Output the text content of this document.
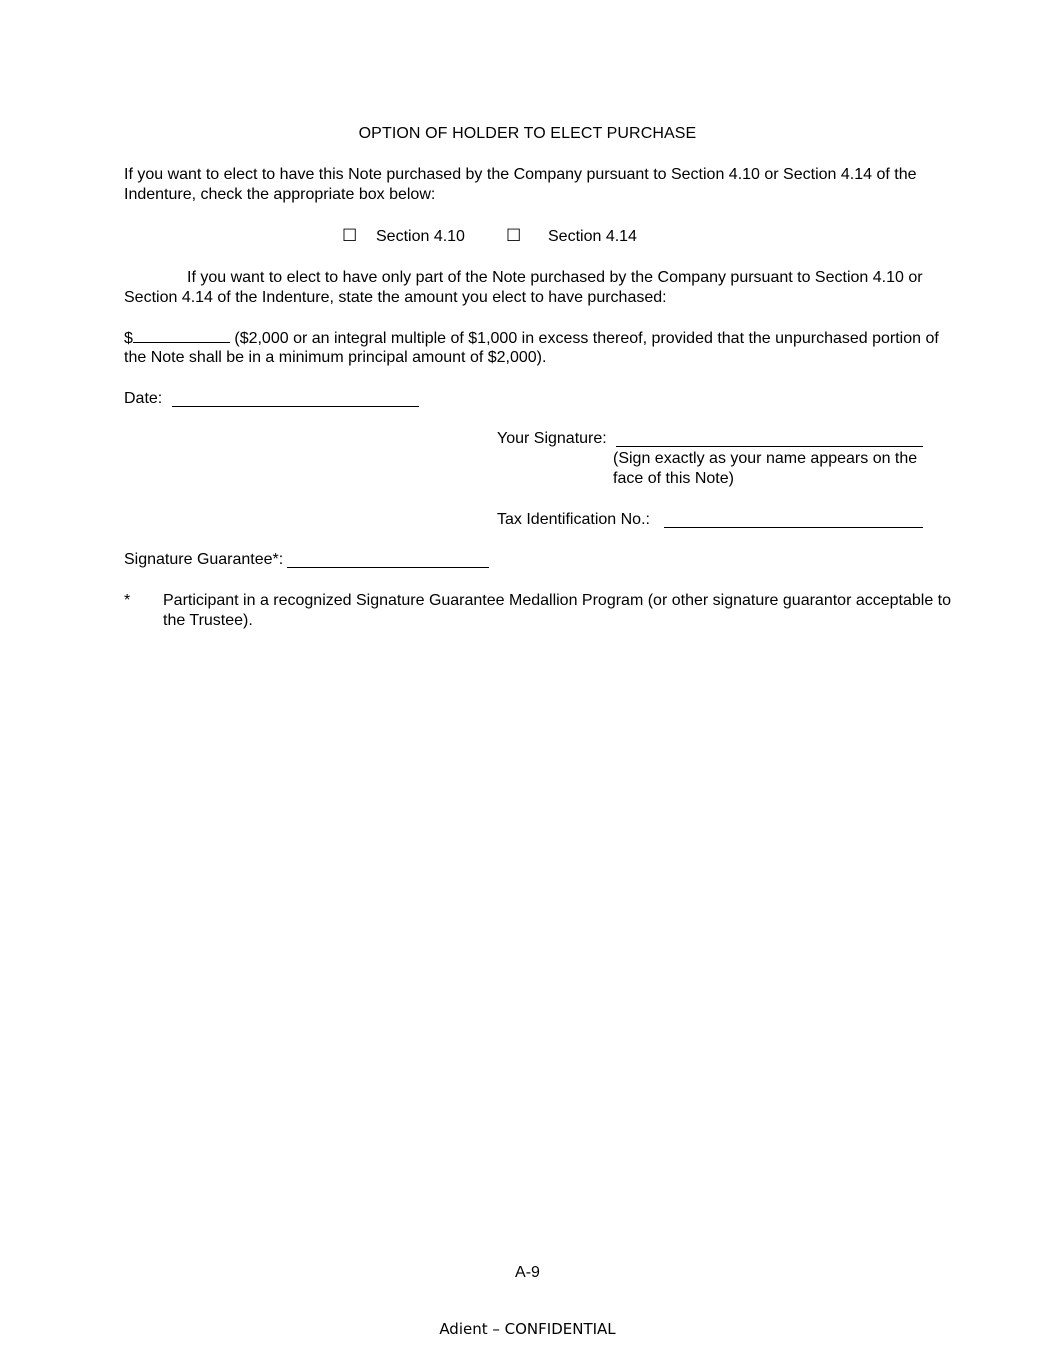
OPTION OF HOLDER TO ELECT PURCHASE
If you want to elect to have this Note purchased by the Company pursuant to Section 4.10 or Section 4.14 of the
Indenture, check the appropriate box below:
☐ Section 4.10 ☐ Section 4.14
If you want to elect to have only part of the Note purchased by the Company pursuant to Section 4.10 or
Section 4.14 of the Indenture, state the amount you elect to have purchased:
$	($2,000 or an integral multiple of $1,000 in excess thereof, provided that the unpurchased portion of
the Note shall be in a minimum principal amount of $2,000).
Date:
Your Signature:
(Sign exactly as your name appears on the
face of this Note)
Tax Identification No.:
Signature Guarantee*:
* Participant in a recognized Signature Guarantee Medallion Program (or other signature guarantor acceptable to
the Trustee).
A-9
Adient – CONFIDENTIAL
